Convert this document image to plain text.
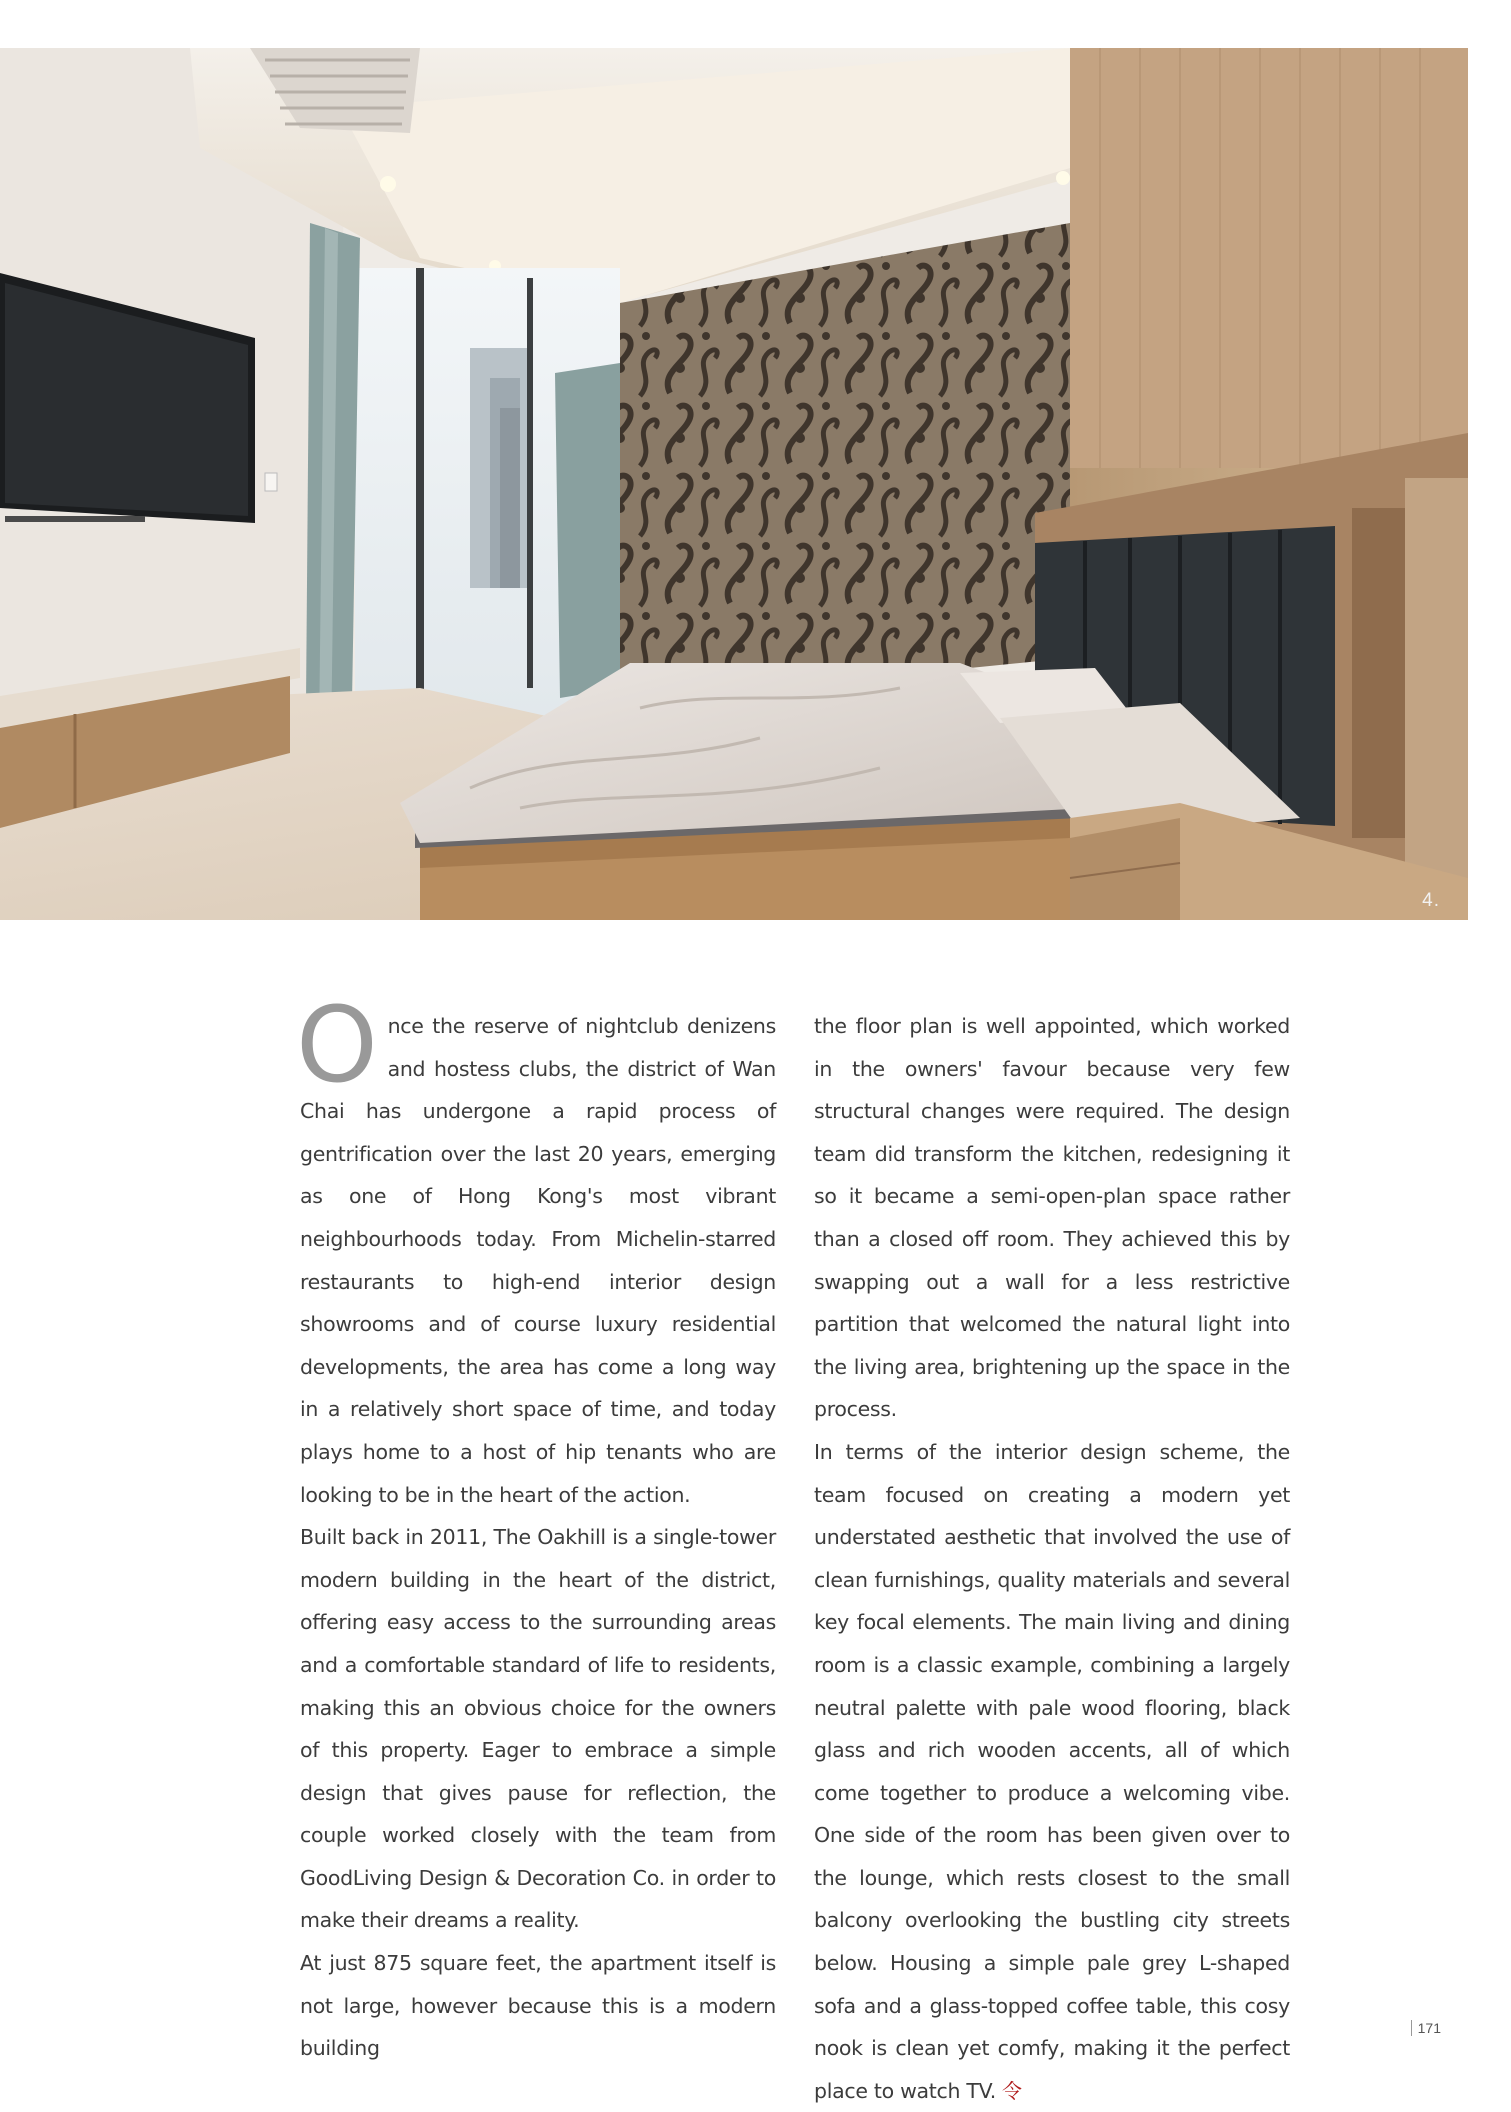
4.

Once the reserve of nightclub denizens and hostess clubs, the district of Wan Chai has undergone a rapid process of gentrification over the last 20 years, emerging as one of Hong Kong's most vibrant neighbourhoods today. From Michelin-starred restaurants to high-end interior design showrooms and of course luxury residential developments, the area has come a long way in a relatively short space of time, and today plays home to a host of hip tenants who are looking to be in the heart of the action.

Built back in 2011, The Oakhill is a single-tower modern building in the heart of the district, offering easy access to the surrounding areas and a comfortable standard of life to residents, making this an obvious choice for the owners of this property. Eager to embrace a simple design that gives pause for reflection, the couple worked closely with the team from GoodLiving Design & Decoration Co. in order to make their dreams a reality.

At just 875 square feet, the apartment itself is not large, however because this is a modern building

the floor plan is well appointed, which worked in the owners' favour because very few structural changes were required. The design team did transform the kitchen, redesigning it so it became a semi-open-plan space rather than a closed off room. They achieved this by swapping out a wall for a less restrictive partition that welcomed the natural light into the living area, brightening up the space in the process.

In terms of the interior design scheme, the team focused on creating a modern yet understated aesthetic that involved the use of clean furnishings, quality materials and several key focal elements. The main living and dining room is a classic example, combining a largely neutral palette with pale wood flooring, black glass and rich wooden accents, all of which come together to produce a welcoming vibe. One side of the room has been given over to the lounge, which rests closest to the small balcony overlooking the bustling city streets below. Housing a simple pale grey L-shaped sofa and a glass-topped coffee table, this cosy nook is clean yet comfy, making it the perfect place to watch TV. 令

171
